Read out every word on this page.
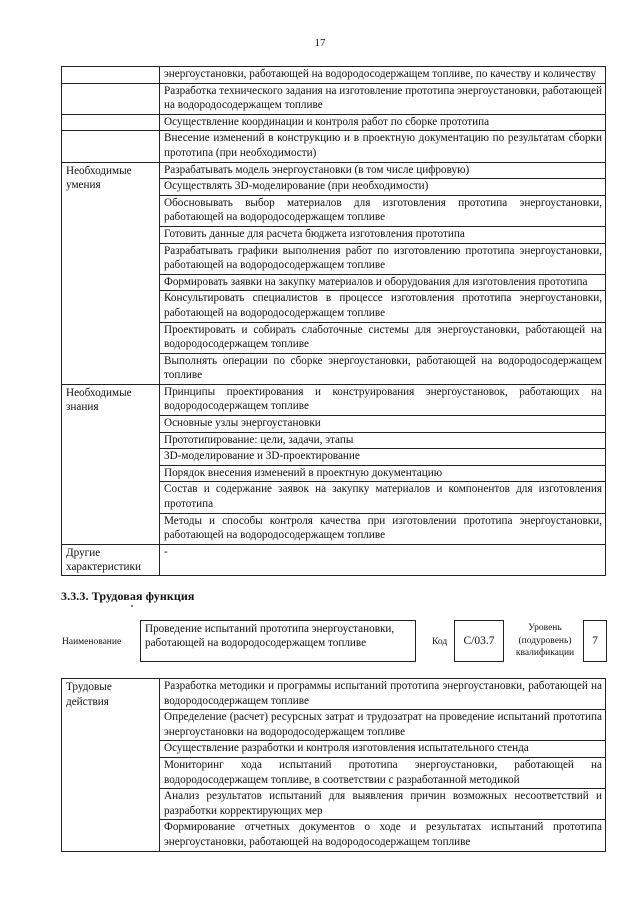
17
	энергоустановки, работающей на водородосодержащем топливе, по качеству и количеству
	Разработка технического задания на изготовление прототипа энергоустановки, работающей на водородосодержащем топливе
	Осуществление координации и контроля работ по сборке прототипа
	Внесение изменений в конструкцию и в проектную документацию по результатам сборки прототипа (при необходимости)
Необходимые умения	Разрабатывать модель энергоустановки (в том числе цифровую)
	Осуществлять 3D-моделирование (при необходимости)
	Обосновывать выбор материалов для изготовления прототипа энергоустановки, работающей на водородосодержащем топливе
	Готовить данные для расчета бюджета изготовления прототипа
	Разрабатывать графики выполнения работ по изготовлению прототипа энергоустановки, работающей на водородосодержащем топливе
	Формировать заявки на закупку материалов и оборудования для изготовления прототипа
	Консультировать специалистов в процессе изготовления прототипа энергоустановки, работающей на водородосодержащем топливе
	Проектировать и собирать слаботочные системы для энергоустановки, работающей на водородосодержащем топливе
	Выполнять операции по сборке энергоустановки, работающей на водородосодержащем топливе
Необходимые знания	Принципы проектирования и конструирования энергоустановок, работающих на водородосодержащем топливе
	Основные узлы энергоустановки
	Прототипирование: цели, задачи, этапы
	3D-моделирование и 3D-проектирование
	Порядок внесения изменений в проектную документацию
	Состав и содержание заявок на закупку материалов и компонентов для изготовления прототипа
	Методы и способы контроля качества при изготовлении прототипа энергоустановки, работающей на водородосодержащем топливе
Другие характеристики	-
3.3.3. Трудовая функция
Наименование
Проведение испытаний прототипа энергоустановки, работающей на водородосодержащем топливе	Код	C/03.7
Уровень (подуровень) квалификации
7
Трудовые действия	Разработка методики и программы испытаний прототипа энергоустановки, работающей на водородосодержащем топливе
Определение (расчет) ресурсных затрат и трудозатрат на проведение испытаний прототипа энергоустановки на водородосодержащем топливе
Осуществление разработки и контроля изготовления испытательного стенда
Мониторинг хода испытаний прототипа энергоустановки, работающей на водородосодержащем топливе, в соответствии с разработанной методикой
Анализ результатов испытаний для выявления причин возможных несоответствий и разработки корректирующих мер
Формирование отчетных документов о ходе и результатах испытаний прототипа энергоустановки, работающей на водородосодержащем топливе
